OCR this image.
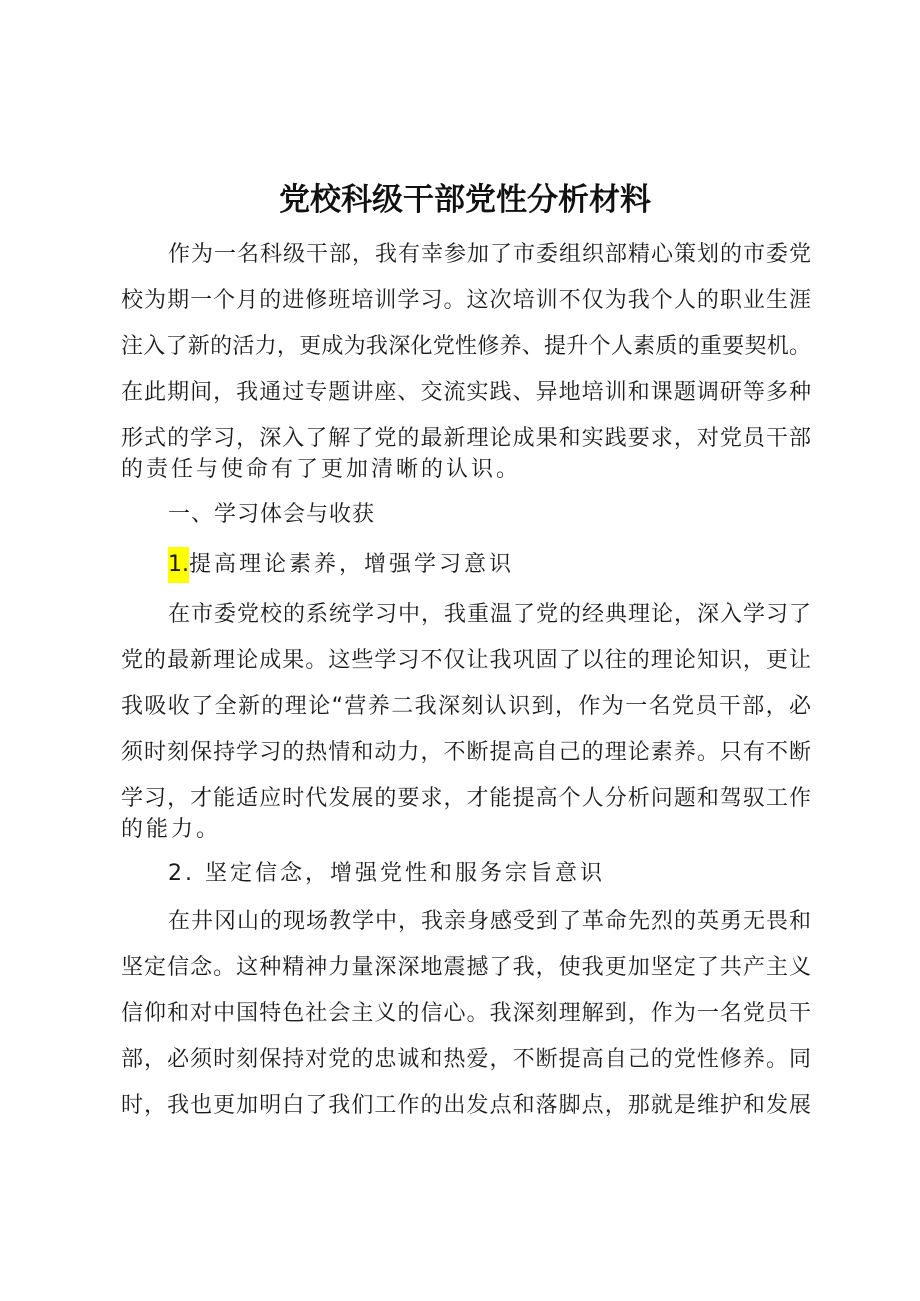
党校科级干部党性分析材料
作为一名科级干部，我有幸参加了市委组织部精心策划的市委党
校为期一个月的进修班培训学习。这次培训不仅为我个人的职业生涯
注入了新的活力，更成为我深化党性修养、提升个人素质的重要契机。
在此期间，我通过专题讲座、交流实践、异地培训和课题调研等多种
形式的学习，深入了解了党的最新理论成果和实践要求，对党员干部
的责任与使命有了更加清晰的认识。
一、学习体会与收获
1.提高理论素养，增强学习意识
在市委党校的系统学习中，我重温了党的经典理论，深入学习了
党的最新理论成果。这些学习不仅让我巩固了以往的理论知识，更让
我吸收了全新的理论“营养二我深刻认识到，作为一名党员干部，必
须时刻保持学习的热情和动力，不断提高自己的理论素养。只有不断
学习，才能适应时代发展的要求，才能提高个人分析问题和驾驭工作
的能力。
2. 坚定信念，增强党性和服务宗旨意识
在井冈山的现场教学中，我亲身感受到了革命先烈的英勇无畏和
坚定信念。这种精神力量深深地震撼了我，使我更加坚定了共产主义
信仰和对中国特色社会主义的信心。我深刻理解到，作为一名党员干
部，必须时刻保持对党的忠诚和热爱，不断提高自己的党性修养。同
时，我也更加明白了我们工作的出发点和落脚点，那就是维护和发展
